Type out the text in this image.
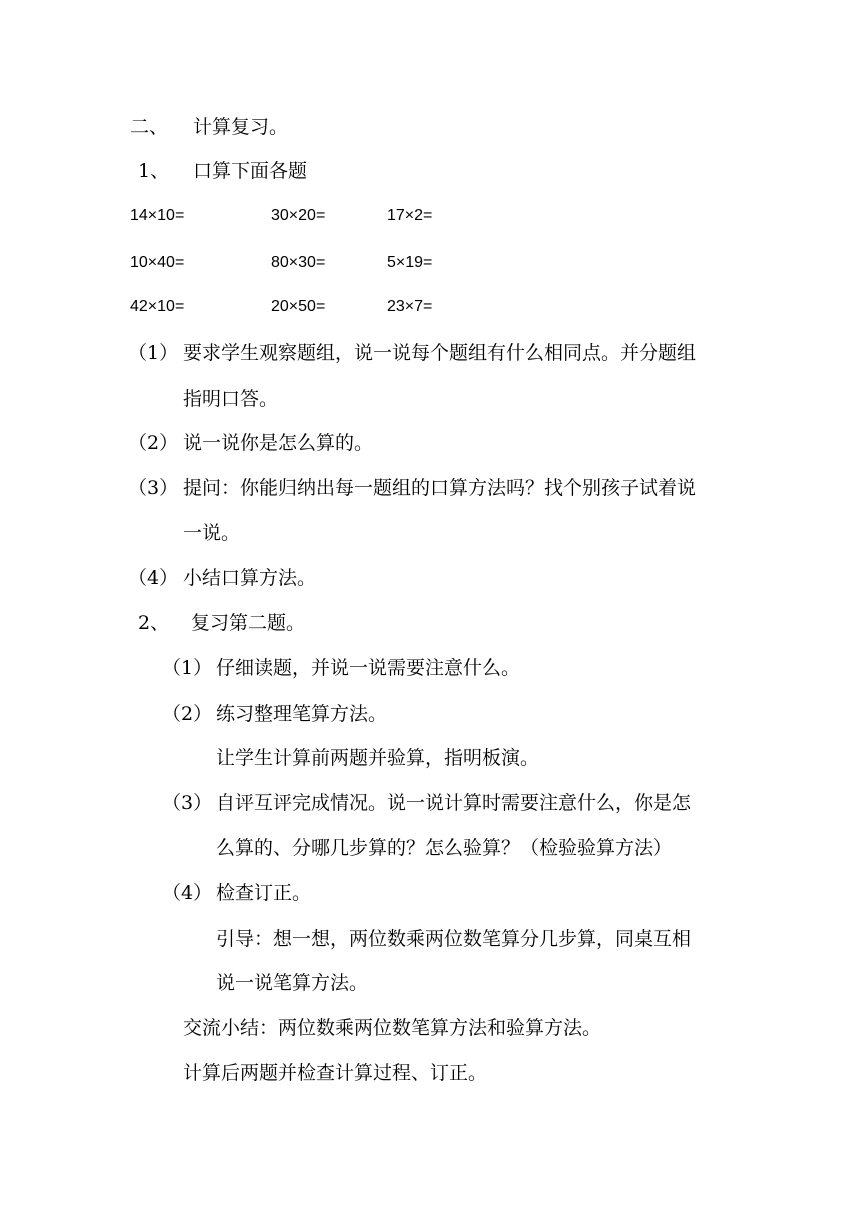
二、 计算复习。
1、 口算下面各题
14×10=	30×20=	17×2=
10×40=	80×30=	5×19=
42×10=	20×50=	23×7=
（1） 要求学生观察题组，说一说每个题组有什么相同点。并分题组
指明口答。
（2） 说一说你是怎么算的。
（3） 提问：你能归纳出每一题组的口算方法吗？找个别孩子试着说
一说。
（4） 小结口算方法。
2、 复习第二题。
（1） 仔细读题，并说一说需要注意什么。
（2） 练习整理笔算方法。
让学生计算前两题并验算，指明板演。
（3） 自评互评完成情况。说一说计算时需要注意什么，你是怎
么算的、分哪几步算的？怎么验算？（检验验算方法）
（4） 检查订正。
引导：想一想，两位数乘两位数笔算分几步算，同桌互相
说一说笔算方法。
交流小结：两位数乘两位数笔算方法和验算方法。
计算后两题并检查计算过程、订正。
